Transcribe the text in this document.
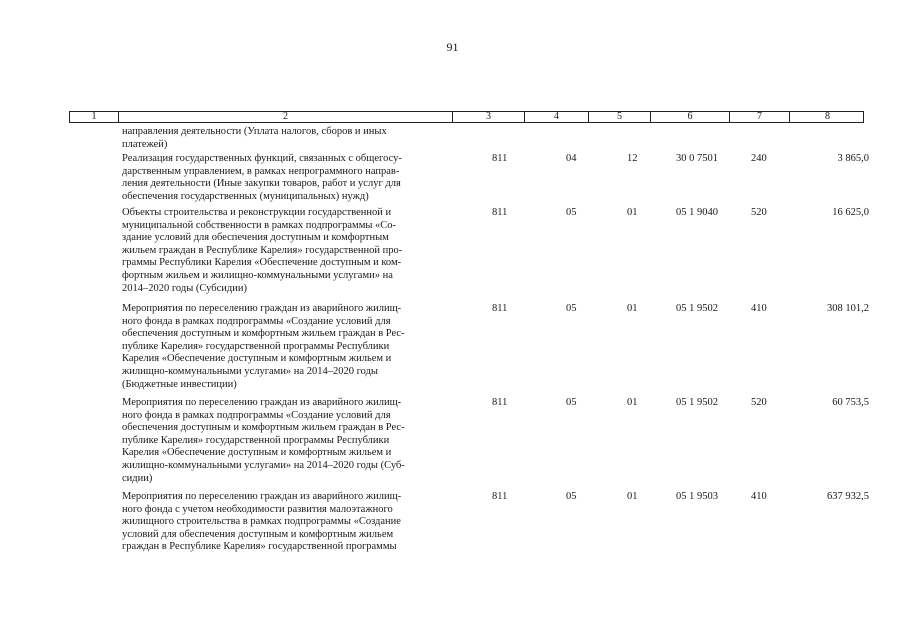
91
1	2	3	4	5	6	7	8
направления деятельности (Уплата налогов, сборов и иных
платежей)
Реализация государственных функций, связанных с общегосу-
дарственным управлением, в рамках непрограммного направ-
ления деятельности (Иные закупки товаров, работ и услуг для
обеспечения государственных (муниципальных) нужд)
811	04	12	30 0 7501	240	3 865,0
Объекты строительства и реконструкции государственной и
муниципальной собственности в рамках подпрограммы «Со-
здание условий для обеспечения доступным и комфортным
жильем граждан в Республике Карелия» государственной про-
граммы Республики Карелия «Обеспечение доступным и ком-
фортным жильем и жилищно-коммунальными услугами» на
2014–2020 годы (Субсидии)
811	05	01	05 1 9040	520	16 625,0
Мероприятия по переселению граждан из аварийного жилищ-
ного фонда в рамках подпрограммы «Создание условий для
обеспечения доступным и комфортным жильем граждан в Рес-
публике Карелия» государственной программы Республики
Карелия «Обеспечение доступным и комфортным жильем и
жилищно-коммунальными услугами» на 2014–2020 годы
(Бюджетные инвестиции)
811	05	01	05 1 9502	410	308 101,2
Мероприятия по переселению граждан из аварийного жилищ-
ного фонда в рамках подпрограммы «Создание условий для
обеспечения доступным и комфортным жильем граждан в Рес-
публике Карелия» государственной программы Республики
Карелия «Обеспечение доступным и комфортным жильем и
жилищно-коммунальными услугами» на 2014–2020 годы (Суб-
сидии)
811	05	01	05 1 9502	520	60 753,5
Мероприятия по переселению граждан из аварийного жилищ-
ного фонда с учетом необходимости развития малоэтажного
жилищного строительства в рамках подпрограммы «Создание
условий для обеспечения доступным и комфортным жильем
граждан в Республике Карелия» государственной программы
811	05	01	05 1 9503	410	637 932,5
